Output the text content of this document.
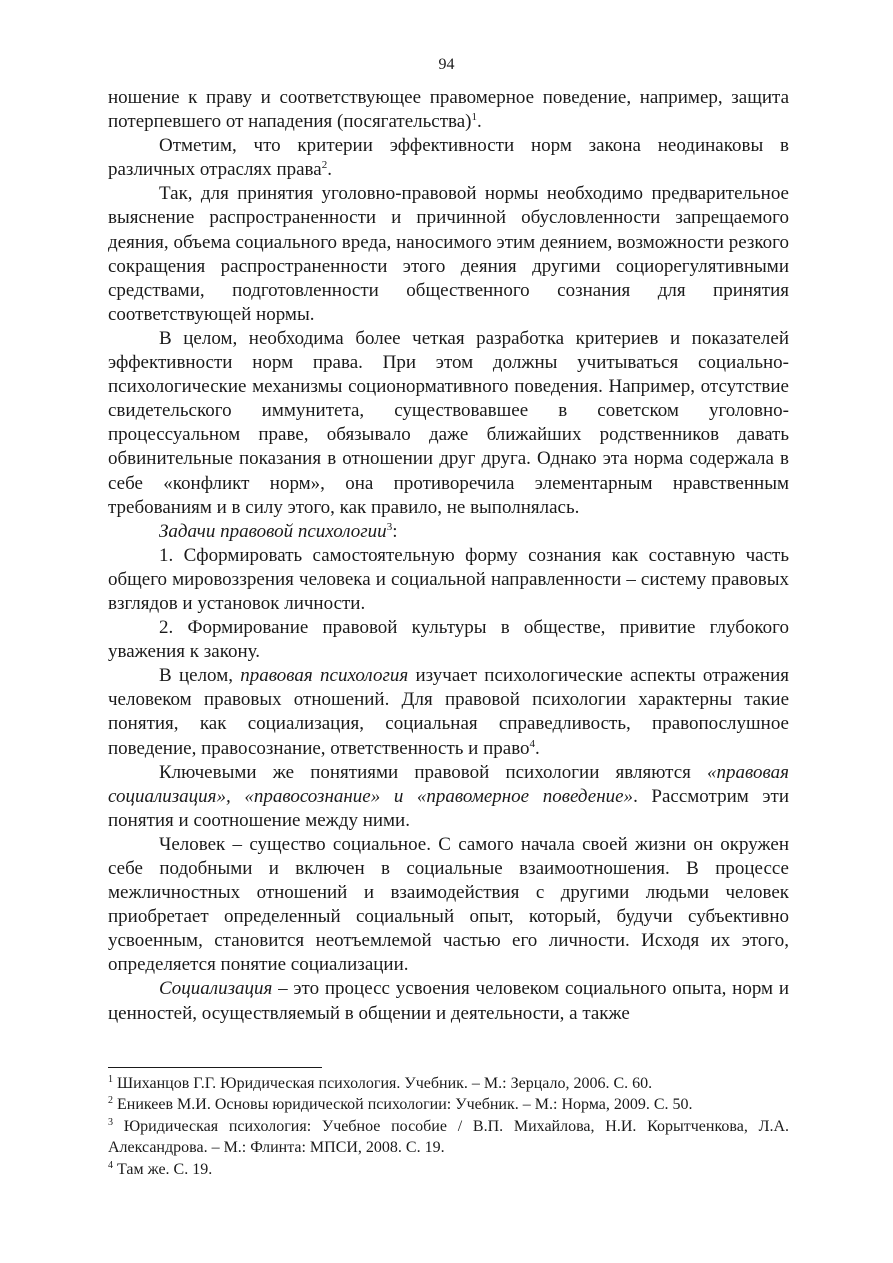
94

ношение к праву и соответствующее правомерное поведение, например, защита потерпевшего от нападения (посягательства)$^1$.

Отметим, что критерии эффективности норм закона неодинаковы в различных отраслях права$^2$.

Так, для принятия уголовно-правовой нормы необходимо предварительное выяснение распространенности и причинной обусловленности запрещаемого деяния, объема социального вреда, наносимого этим деянием, возможности резкого сокращения распространенности этого деяния другими социорегулятивными средствами, подготовленности общественного сознания для принятия соответствующей нормы.

В целом, необходима более четкая разработка критериев и показателей эффективности норм права. При этом должны учитываться социально-психологические механизмы соционормативного поведения. Например, отсутствие свидетельского иммунитета, существовавшее в советском уголовно-процессуальном праве, обязывало даже ближайших родственников давать обвинительные показания в отношении друг друга. Однако эта норма содержала в себе «конфликт норм», она противоречила элементарным нравственным требованиям и в силу этого, как правило, не выполнялась.

Задачи правовой психологии$^3$:

1. Сформировать самостоятельную форму сознания как составную часть общего мировоззрения человека и социальной направленности – систему правовых взглядов и установок личности.

2. Формирование правовой культуры в обществе, привитие глубокого уважения к закону.

В целом, правовая психология изучает психологические аспекты отражения человеком правовых отношений. Для правовой психологии характерны такие понятия, как социализация, социальная справедливость, правопослушное поведение, правосознание, ответственность и право$^4$.

Ключевыми же понятиями правовой психологии являются «правовая социализация», «правосознание» и «правомерное поведение». Рассмотрим эти понятия и соотношение между ними.

Человек – существо социальное. С самого начала своей жизни он окружен себе подобными и включен в социальные взаимоотношения. В процессе межличностных отношений и взаимодействия с другими людьми человек приобретает определенный социальный опыт, который, будучи субъективно усвоенным, становится неотъемлемой частью его личности. Исходя их этого, определяется понятие социализации.

Социализация – это процесс усвоения человеком социального опыта, норм и ценностей, осуществляемый в общении и деятельности, а также

$^1$ Шиханцов Г.Г. Юридическая психология. Учебник. – М.: Зерцало, 2006. С. 60.

$^2$ Еникеев М.И. Основы юридической психологии: Учебник. – М.: Норма, 2009. С. 50.

$^3$ Юридическая психология: Учебное пособие / В.П. Михайлова, Н.И. Корытченкова, Л.А. Александрова. – М.: Флинта: МПСИ, 2008. С. 19.

$^4$ Там же. С. 19.
